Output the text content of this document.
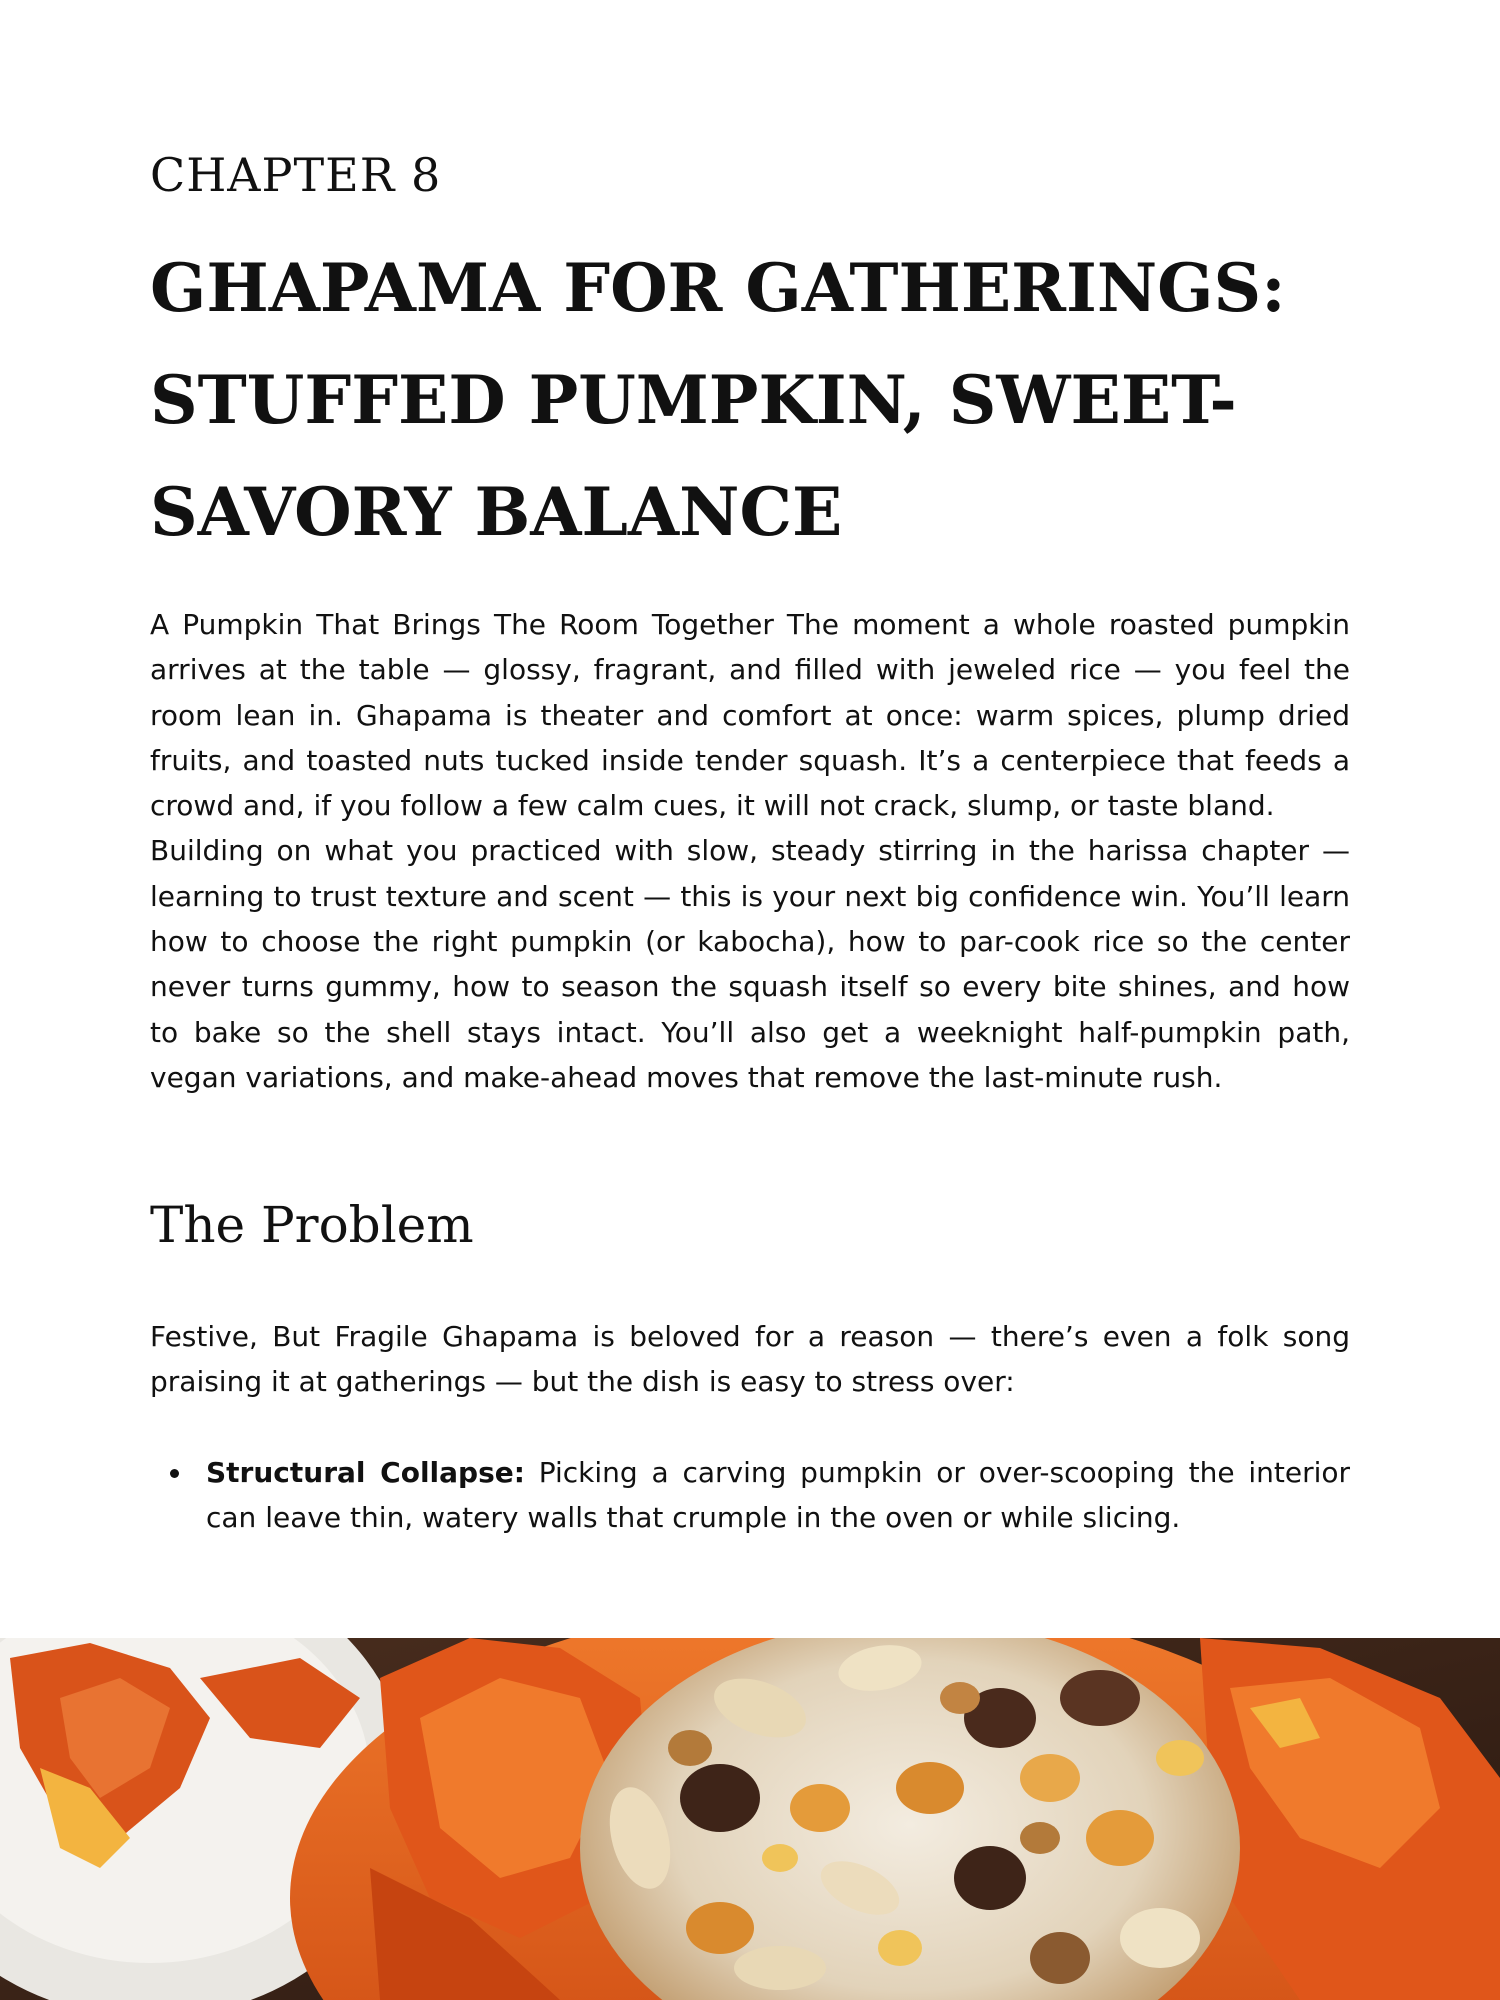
CHAPTER 8
GHAPAMA FOR GATHERINGS:
STUFFED PUMPKIN, SWEET-
SAVORY BALANCE

A Pumpkin That Brings The Room Together The moment a whole roasted pumpkin arrives at the table — glossy, fragrant, and filled with jeweled rice — you feel the room lean in. Ghapama is theater and comfort at once: warm spices, plump dried fruits, and toasted nuts tucked inside tender squash. It’s a centerpiece that feeds a crowd and, if you follow a few calm cues, it will not crack, slump, or taste bland.

Building on what you practiced with slow, steady stirring in the harissa chapter — learning to trust texture and scent — this is your next big confidence win. You’ll learn how to choose the right pumpkin (or kabocha), how to par-cook rice so the center never turns gummy, how to season the squash itself so every bite shines, and how to bake so the shell stays intact. You’ll also get a weeknight half-pumpkin path, vegan variations, and make-ahead moves that remove the last-minute rush.

The Problem

Festive, But Fragile Ghapama is beloved for a reason — there’s even a folk song praising it at gatherings — but the dish is easy to stress over:

Structural Collapse: Picking a carving pumpkin or over-scooping the interior can leave thin, watery walls that crumple in the oven or while slicing.
